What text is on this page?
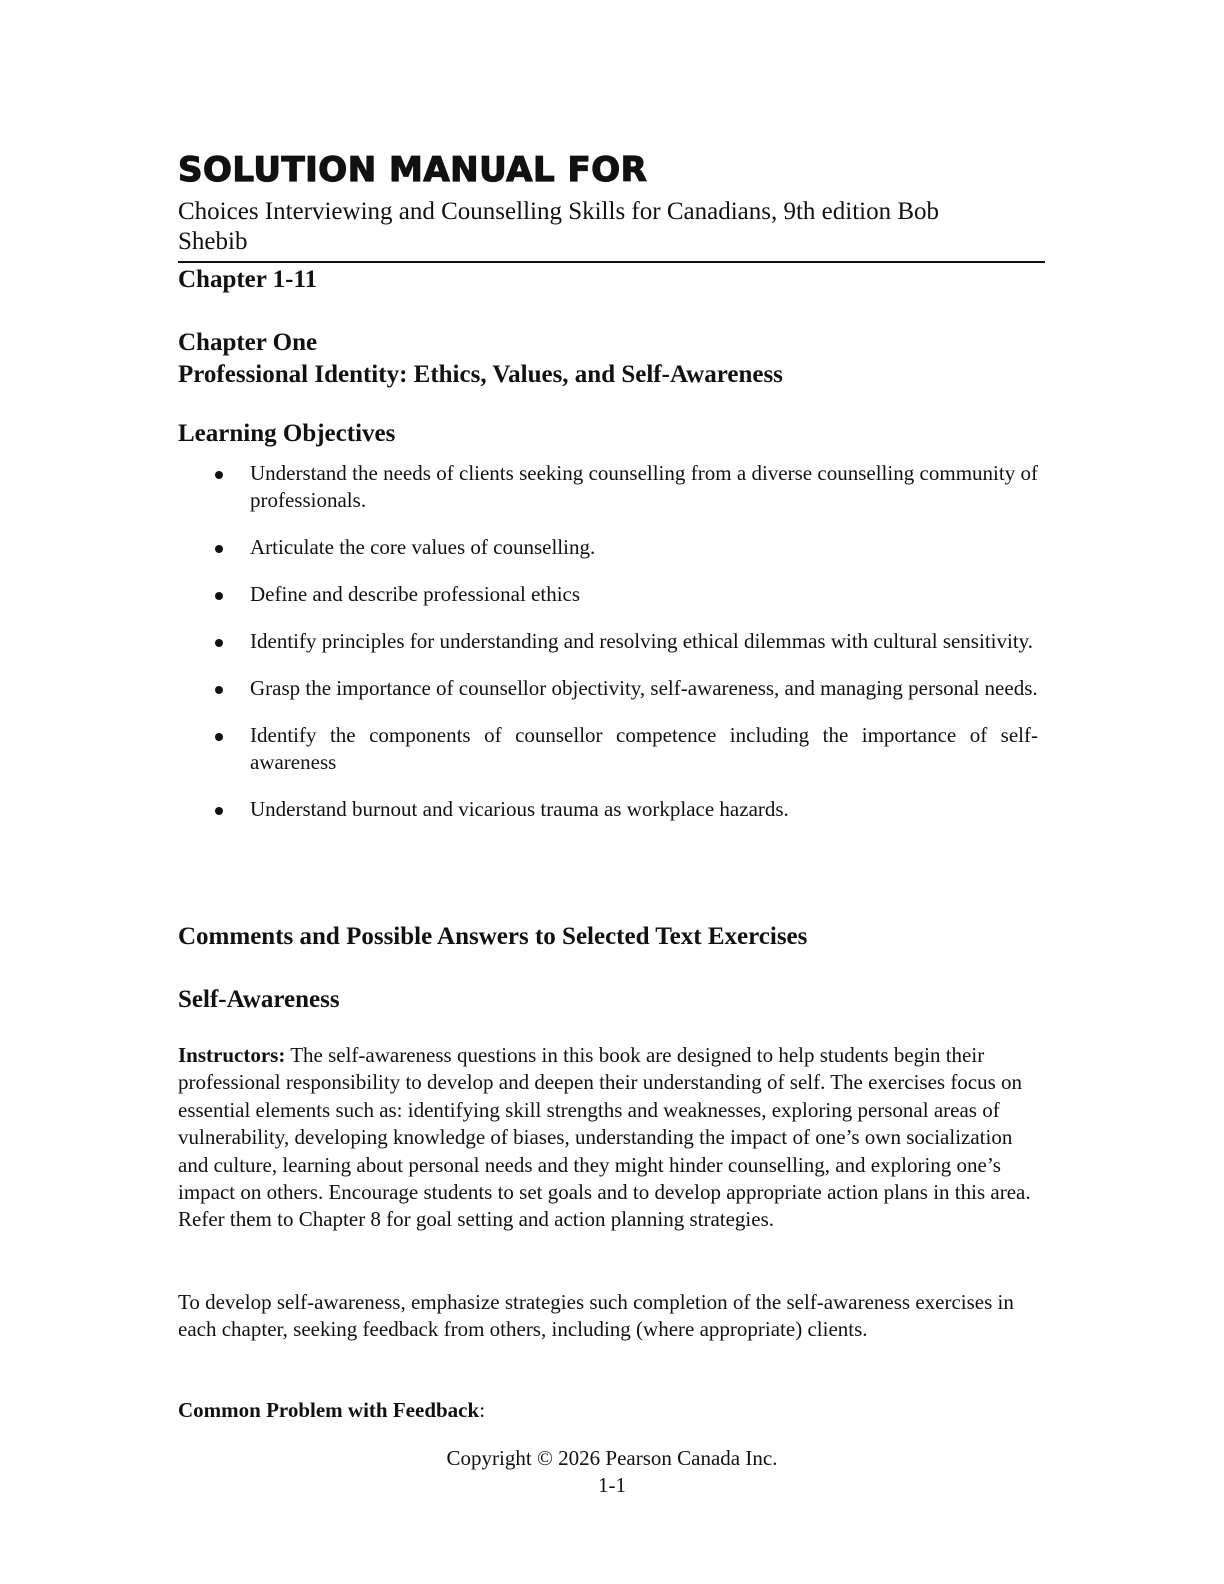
SOLUTION MANUAL FOR

Choices Interviewing and Counselling Skills for Canadians, 9th edition Bob
Shebib

Chapter 1-11
Chapter One
Professional Identity: Ethics, Values, and Self-Awareness
Learning Objectives
Understand the needs of clients seeking counselling from a diverse counselling community of professionals.
Articulate the core values of counselling.
Define and describe professional ethics
Identify principles for understanding and resolving ethical dilemmas with cultural sensitivity.
Grasp the importance of counsellor objectivity, self-awareness, and managing personal needs.
Identify the components of counsellor competence including the importance of self-awareness
Understand burnout and vicarious trauma as workplace hazards.
Comments and Possible Answers to Selected Text Exercises
Self-Awareness

Instructors: The self-awareness questions in this book are designed to help students begin their professional responsibility to develop and deepen their understanding of self. The exercises focus on essential elements such as: identifying skill strengths and weaknesses, exploring personal areas of vulnerability, developing knowledge of biases, understanding the impact of one’s own socialization and culture, learning about personal needs and they might hinder counselling, and exploring one’s impact on others. Encourage students to set goals and to develop appropriate action plans in this area. Refer them to Chapter 8 for goal setting and action planning strategies.

To develop self-awareness, emphasize strategies such completion of the self-awareness exercises in each chapter, seeking feedback from others, including (where appropriate) clients.

Common Problem with Feedback:

Copyright © 2026 Pearson Canada Inc.

1-1
